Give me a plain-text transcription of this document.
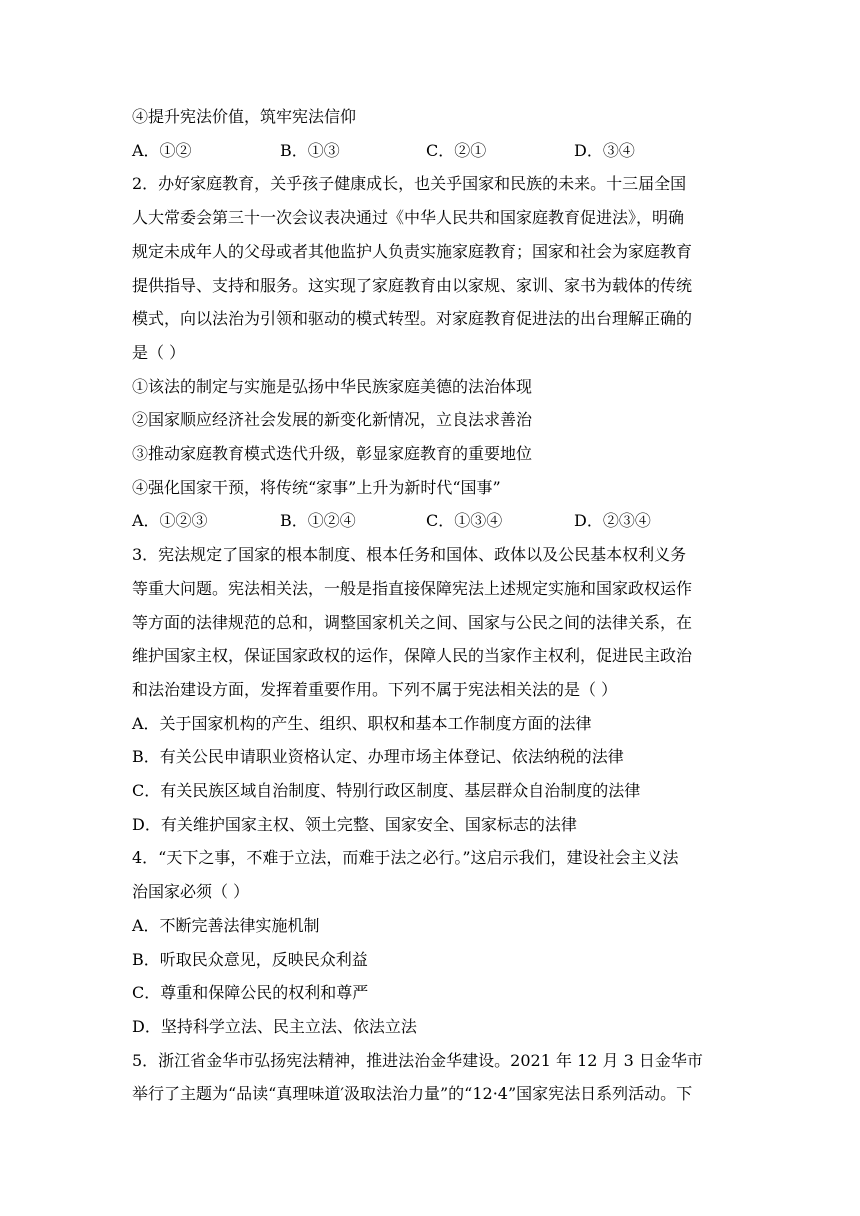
④提升宪法价值，筑牢宪法信仰

A．①②	B．①③	C．②①	D．③④

2．办好家庭教育，关乎孩子健康成长，也关乎国家和民族的未来。十三届全国

人大常委会第三十一次会议表决通过《中华人民共和国家庭教育促进法》，明确

规定未成年人的父母或者其他监护人负责实施家庭教育；国家和社会为家庭教育

提供指导、支持和服务。这实现了家庭教育由以家规、家训、家书为载体的传统

模式，向以法治为引领和驱动的模式转型。对家庭教育促进法的出台理解正确的

是（ ）

①该法的制定与实施是弘扬中华民族家庭美德的法治体现

②国家顺应经济社会发展的新变化新情况，立良法求善治

③推动家庭教育模式迭代升级，彰显家庭教育的重要地位

④强化国家干预，将传统“家事”上升为新时代“国事”

A．①②③	B．①②④	C．①③④	D．②③④

3．宪法规定了国家的根本制度、根本任务和国体、政体以及公民基本权利义务

等重大问题。宪法相关法，一般是指直接保障宪法上述规定实施和国家政权运作

等方面的法律规范的总和，调整国家机关之间、国家与公民之间的法律关系，在

维护国家主权，保证国家政权的运作，保障人民的当家作主权利，促进民主政治

和法治建设方面，发挥着重要作用。下列不属于宪法相关法的是（ ）

A．关于国家机构的产生、组织、职权和基本工作制度方面的法律

B．有关公民申请职业资格认定、办理市场主体登记、依法纳税的法律

C．有关民族区域自治制度、特别行政区制度、基层群众自治制度的法律

D．有关维护国家主权、领土完整、国家安全、国家标志的法律

4．“天下之事，不难于立法，而难于法之必行。”这启示我们，建设社会主义法

治国家必须（ ）

A．不断完善法律实施机制

B．听取民众意见，反映民众利益

C．尊重和保障公民的权利和尊严

D．坚持科学立法、民主立法、依法立法

5．浙江省金华市弘扬宪法精神，推进法治金华建设。2021 年 12 月 3 日金华市

举行了主题为“品读“真理味道′汲取法治力量”的“12·4”国家宪法日系列活动。下
